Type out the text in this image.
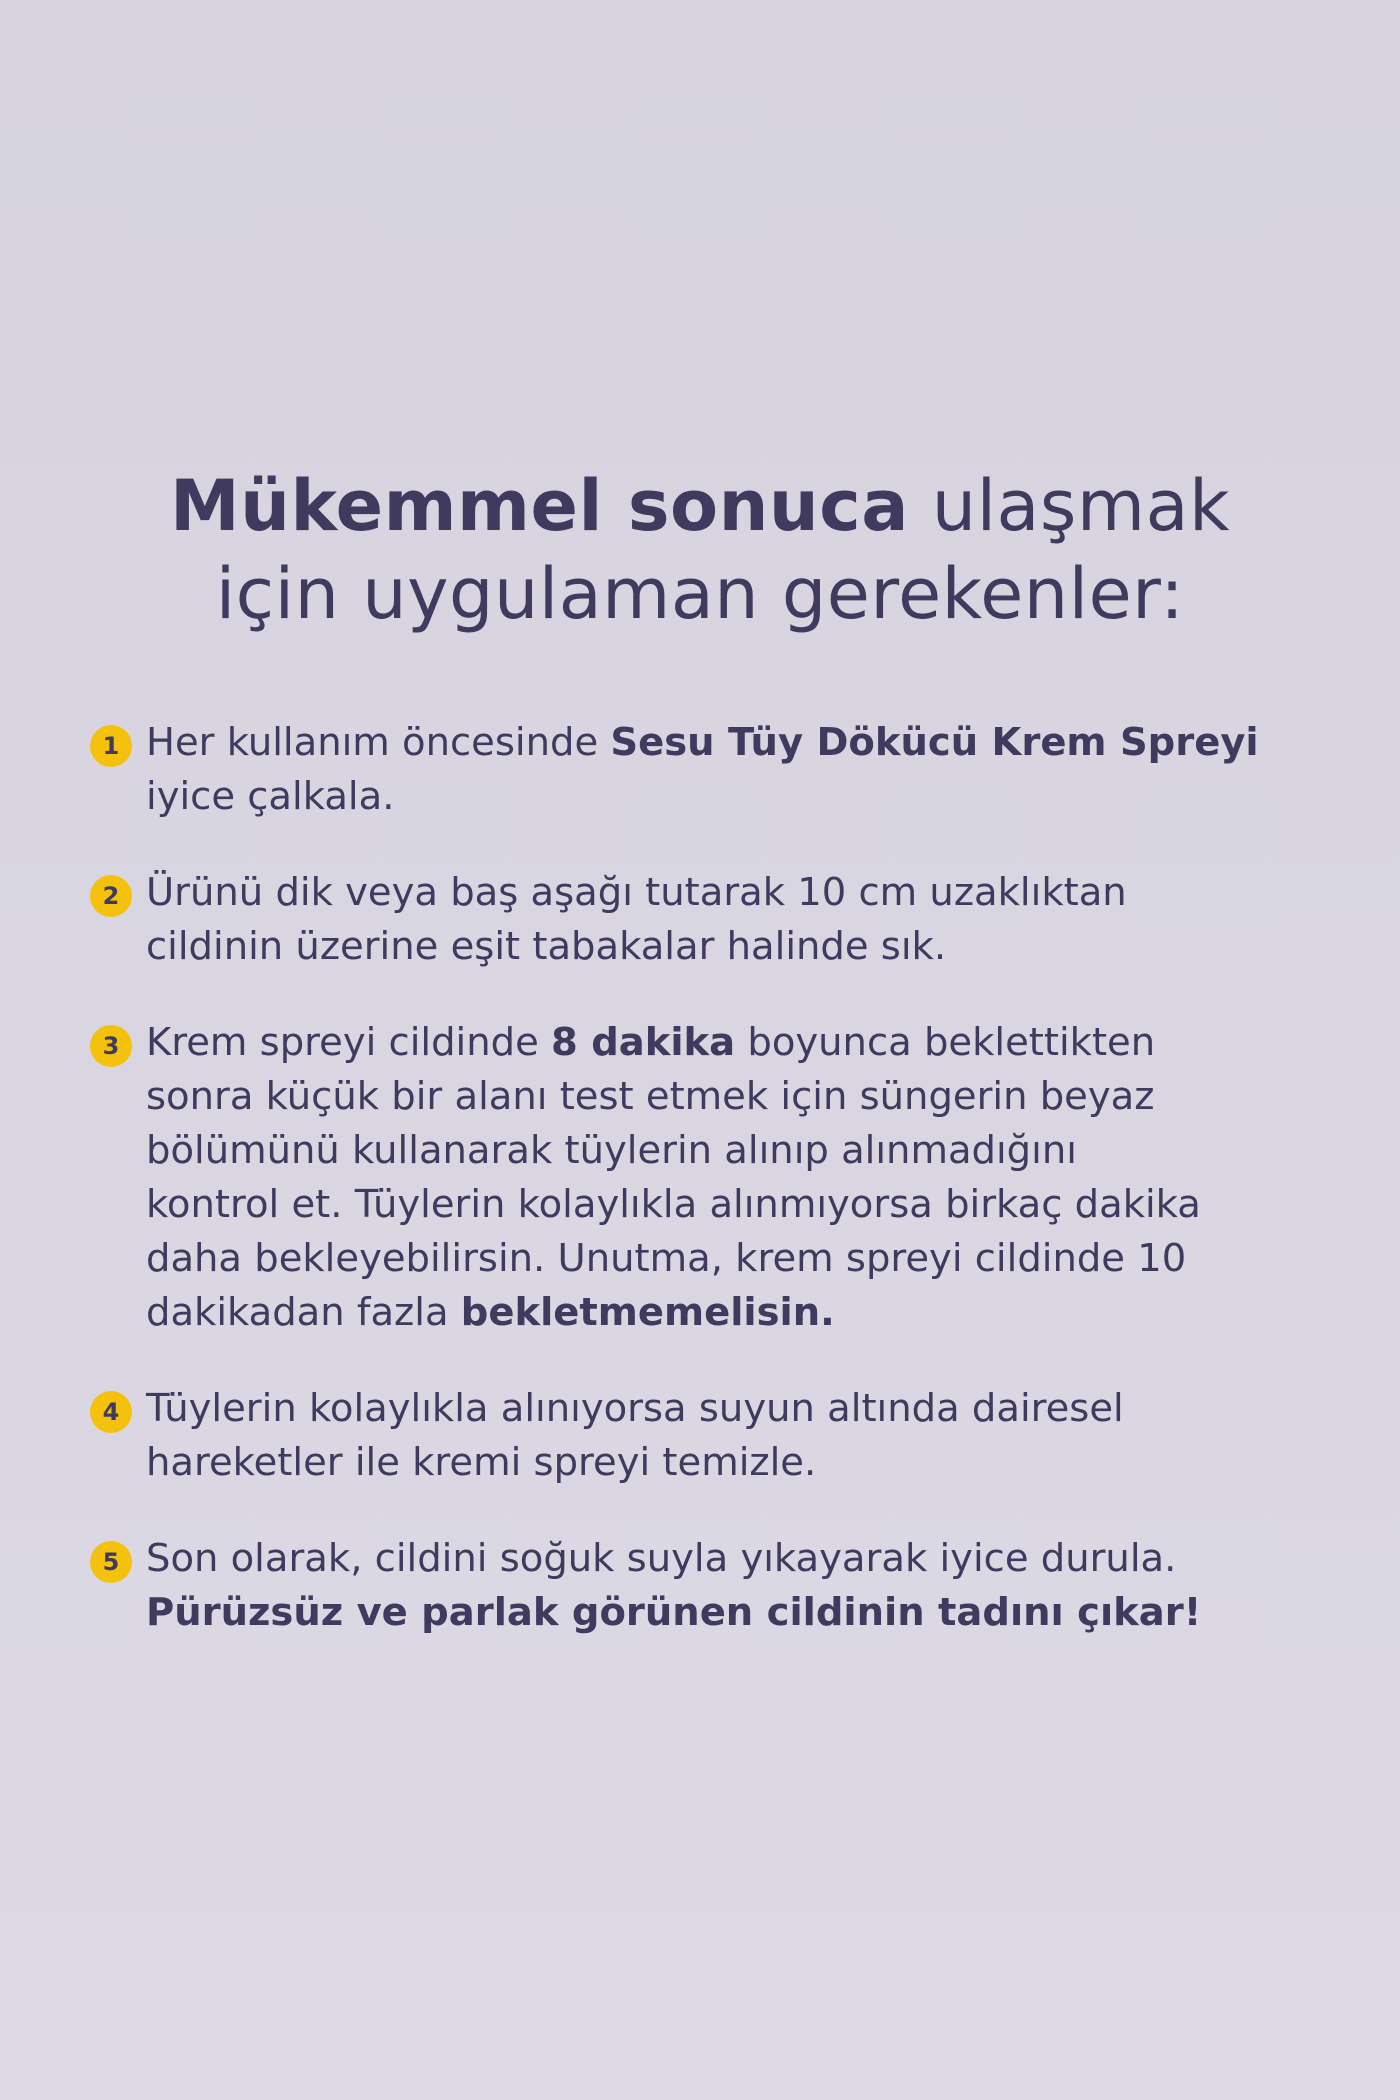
Mükemmel sonuca ulaşmak
için uygulaman gerekenler:
1 Her kullanım öncesinde Sesu Tüy Dökücü Krem Spreyi
iyice çalkala.
2 Ürünü dik veya baş aşağı tutarak 10 cm uzaklıktan
cildinin üzerine eşit tabakalar halinde sık.
3 Krem spreyi cildinde 8 dakika boyunca beklettikten
sonra küçük bir alanı test etmek için süngerin beyaz
bölümünü kullanarak tüylerin alınıp alınmadığını
kontrol et. Tüylerin kolaylıkla alınmıyorsa birkaç dakika
daha bekleyebilirsin. Unutma, krem spreyi cildinde 10
dakikadan fazla bekletmemelisin.
4 Tüylerin kolaylıkla alınıyorsa suyun altında dairesel
hareketler ile kremi spreyi temizle.
5 Son olarak, cildini soğuk suyla yıkayarak iyice durula.
Pürüzsüz ve parlak görünen cildinin tadını çıkar!
